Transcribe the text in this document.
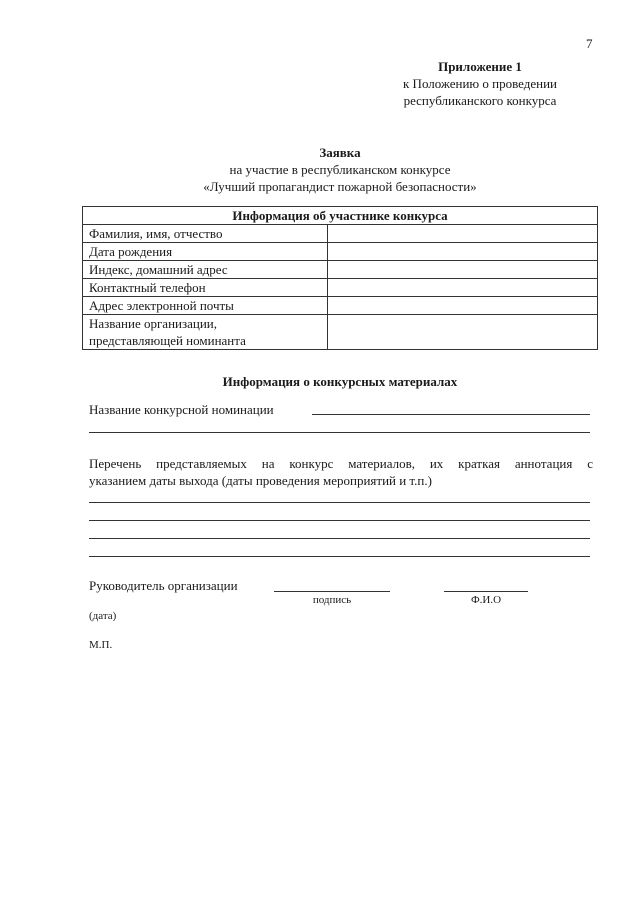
7
Приложение 1
к Положению о проведении
республиканского конкурса
Заявка
на участие в республиканском конкурсе
«Лучший пропагандист пожарной безопасности»
Информация об участнике конкурса	
Фамилия, имя, отчество	
Дата рождения	
Индекс, домашний адрес	
Контактный телефон	
Адрес электронной почты	

Название организации,
представляющей номинанта	

Информация о конкурсных материалах
Название конкурсной номинации
Перечень представляемых на конкурс материалов, их краткая аннотация с
указанием даты выхода (даты проведения мероприятий и т.п.)
Руководитель организации
подпись	Ф.И.О
(дата)
М.П.
